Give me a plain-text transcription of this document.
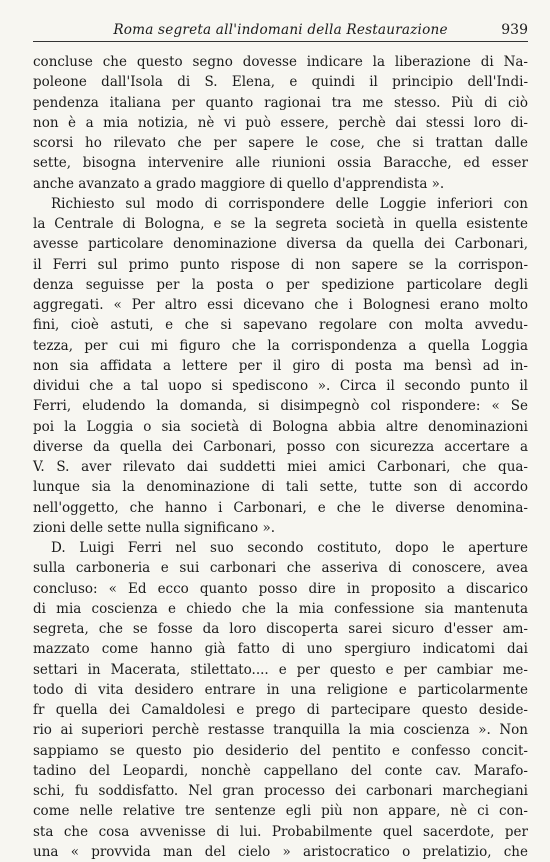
Roma segreta all'indomani della Restaurazione	939
concluse che questo segno dovesse indicare la liberazione di Na-
poleone dall'Isola di S. Elena, e quindi il principio dell'Indi-
pendenza italiana per quanto ragionai tra me stesso. Più di ciò
non è a mia notizia, nè vi può essere, perchè dai stessi loro di-
scorsi ho rilevato che per sapere le cose, che si trattan dalle
sette, bisogna intervenire alle riunioni ossia Baracche, ed esser
anche avanzato a grado maggiore di quello d'apprendista ».
Richiesto sul modo di corrispondere delle Loggie inferiori con
la Centrale di Bologna, e se la segreta società in quella esistente
avesse particolare denominazione diversa da quella dei Carbonari,
il Ferri sul primo punto rispose di non sapere se la corrispon-
denza seguisse per la posta o per spedizione particolare degli
aggregati. « Per altro essi dicevano che i Bolognesi erano molto
fini, cioè astuti, e che si sapevano regolare con molta avvedu-
tezza, per cui mi figuro che la corrispondenza a quella Loggia
non sia affidata a lettere per il giro di posta ma bensì ad in-
dividui che a tal uopo si spediscono ». Circa il secondo punto il
Ferri, eludendo la domanda, si disimpegnò col rispondere: « Se
poi la Loggia o sia società di Bologna abbia altre denominazioni
diverse da quella dei Carbonari, posso con sicurezza accertare a
V. S. aver rilevato dai suddetti miei amici Carbonari, che qua-
lunque sia la denominazione di tali sette, tutte son di accordo
nell'oggetto, che hanno i Carbonari, e che le diverse denomina-
zioni delle sette nulla significano ».
D. Luigi Ferri nel suo secondo costituto, dopo le aperture
sulla carboneria e sui carbonari che asseriva di conoscere, avea
concluso: « Ed ecco quanto posso dire in proposito a discarico
di mia coscienza e chiedo che la mia confessione sia mantenuta
segreta, che se fosse da loro discoperta sarei sicuro d'esser am-
mazzato come hanno già fatto di uno spergiuro indicatomi dai
settari in Macerata, stilettato.... e per questo e per cambiar me-
todo di vita desidero entrare in una religione e particolarmente
fr quella dei Camaldolesi e prego di partecipare questo deside-
rio ai superiori perchè restasse tranquilla la mia coscienza ». Non
sappiamo se questo pio desiderio del pentito e confesso concit-
tadino del Leopardi, nonchè cappellano del conte cav. Marafo-
schi, fu soddisfatto. Nel gran processo dei carbonari marchegiani
come nelle relative tre sentenze egli più non appare, nè ci con-
sta che cosa avvenisse di lui. Probabilmente quel sacerdote, per
una « provvida man del cielo » aristocratico o prelatizio, che
